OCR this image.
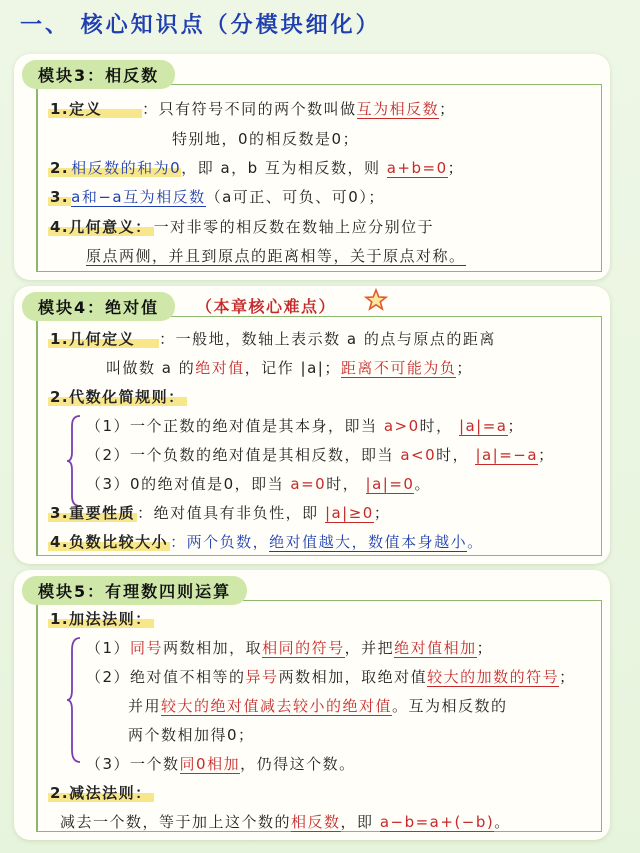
一、 核心知识点（分模块细化）
模块3：相反数
1.定义	：只有符号不同的两个数叫做互为相反数；
特别地，0的相反数是0；
2. 相反数的和为0，即 a，b 互为相反数，则 a+b=0；
3. a和−a互为相反数（a可正、可负、可0）；
4.几何意义： 一对非零的相反数在数轴上应分别位于
原点两侧，并且到原点的距离相等，关于原点对称。
模块4：绝对值	（本章核心难点）
1.几何定义 ：一般地，数轴上表示数 a 的点与原点的距离
叫做数 a 的绝对值，记作 |a|；距离不可能为负；
2.代数化简规则：
（1）一个正数的绝对值是其本身，即当 a>0时， |a|=a；
（2）一个负数的绝对值是其相反数，即当 a<0时， |a|=−a；
（3）0的绝对值是0，即当 a=0时， |a|=0。
3.重要性质 ：绝对值具有非负性，即 |a|≥0；
4.负数比较大小 ：两个负数，绝对值越大，数值本身越小。
模块5：有理数四则运算
1.加法法则：
（1）同号两数相加，取相同的符号，并把绝对值相加；
（2）绝对值不相等的异号两数相加，取绝对值较大的加数的符号；
并用较大的绝对值减去较小的绝对值。互为相反数的
两个数相加得0；
（3）一个数同0相加，仍得这个数。
2.减法法则：
减去一个数，等于加上这个数的相反数，即 a−b=a+(−b)。
